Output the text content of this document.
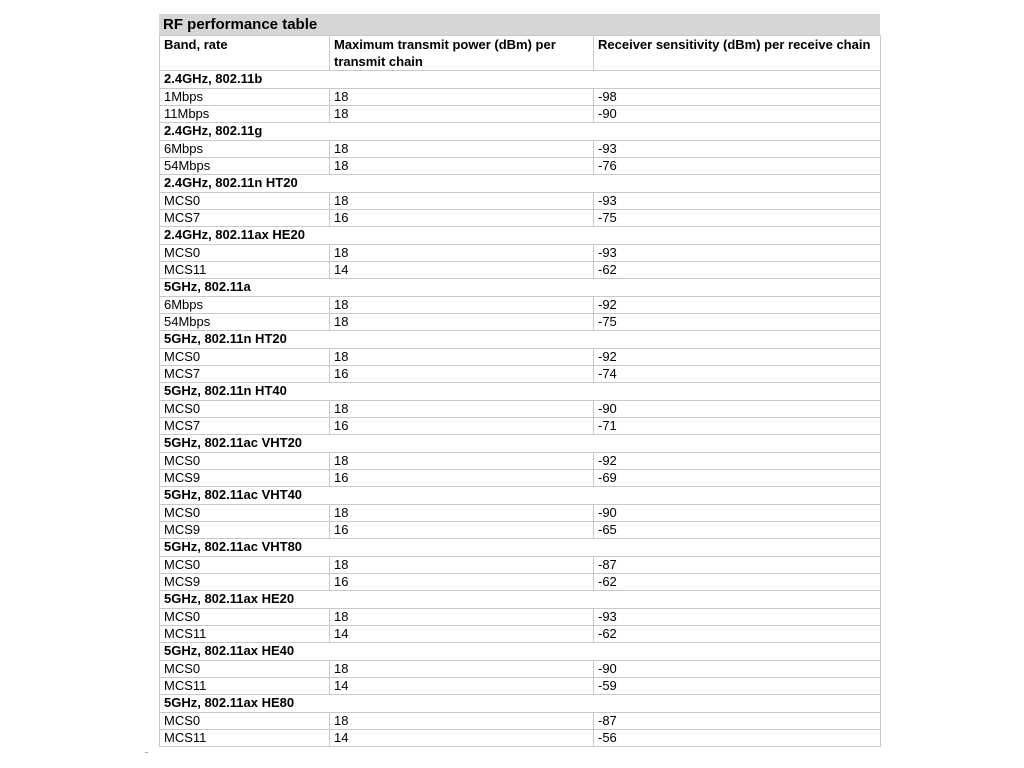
RF performance table
Band, rate	Maximum transmit power (dBm) per transmit chain	Receiver sensitivity (dBm) per receive chain
2.4GHz, 802.11b		
1Mbps	18	-98
11Mbps	18	-90
2.4GHz, 802.11g		
6Mbps	18	-93
54Mbps	18	-76
2.4GHz, 802.11n HT20		
MCS0	18	-93
MCS7	16	-75
2.4GHz, 802.11ax HE20		
MCS0	18	-93
MCS11	14	-62
5GHz, 802.11a		
6Mbps	18	-92
54Mbps	18	-75
5GHz, 802.11n HT20		
MCS0	18	-92
MCS7	16	-74
5GHz, 802.11n HT40		
MCS0	18	-90
MCS7	16	-71
5GHz, 802.11ac VHT20		
MCS0	18	-92
MCS9	16	-69
5GHz, 802.11ac VHT40		
MCS0	18	-90
MCS9	16	-65
5GHz, 802.11ac VHT80		
MCS0	18	-87
MCS9	16	-62
5GHz, 802.11ax HE20		
MCS0	18	-93
MCS11	14	-62
5GHz, 802.11ax HE40		
MCS0	18	-90
MCS11	14	-59
5GHz, 802.11ax HE80		
MCS0	18	-87
MCS11	14	-56
